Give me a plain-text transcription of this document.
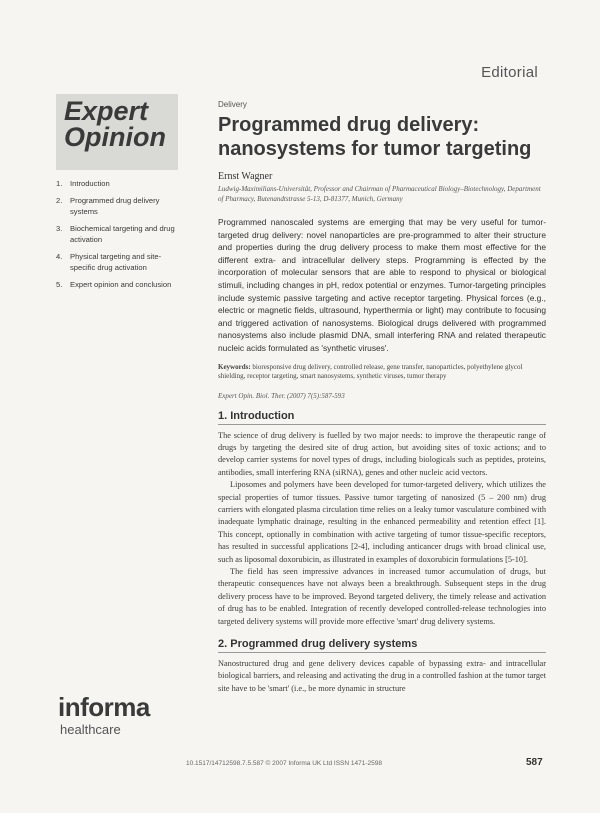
Editorial
Expert
Opinion
1.	Introduction
2.	Programmed drug delivery systems
3.	Biochemical targeting and drug activation
4.	Physical targeting and site-specific drug activation
5.	Expert opinion and conclusion
informa
healthcare
Delivery
Programmed drug delivery:
nanosystems for tumor targeting
Ernst Wagner
Ludwig-Maximilians-Universität, Professor and Chairman of Pharmaceutical Biology–Biotechnology, Department of Pharmacy, Butenandtstrasse 5-13, D-81377, Munich, Germany
Programmed nanoscaled systems are emerging that may be very useful for tumor-targeted drug delivery: novel nanoparticles are pre-programmed to alter their structure and properties during the drug delivery process to make them most effective for the different extra- and intracellular delivery steps. Programming is effected by the incorporation of molecular sensors that are able to respond to physical or biological stimuli, including changes in pH, redox potential or enzymes. Tumor-targeting principles include systemic passive targeting and active receptor targeting. Physical forces (e.g., electric or magnetic fields, ultrasound, hyperthermia or light) may contribute to focusing and triggered activation of nanosystems. Biological drugs delivered with programmed nanosystems also include plasmid DNA, small interfering RNA and related therapeutic nucleic acids formulated as 'synthetic viruses'.
Keywords: bioresponsive drug delivery, controlled release, gene transfer, nanoparticles, polyethylene glycol shielding, receptor targeting, smart nanosystems, synthetic viruses, tumor therapy
Expert Opin. Biol. Ther. (2007) 7(5):587-593
1. Introduction

The science of drug delivery is fuelled by two major needs: to improve the therapeutic range of drugs by targeting the desired site of drug action, but avoiding sites of toxic actions; and to develop carrier systems for novel types of drugs, including biologicals such as peptides, proteins, antibodies, small interfering RNA (siRNA), genes and other nucleic acid vectors.

Liposomes and polymers have been developed for tumor-targeted delivery, which utilizes the special properties of tumor tissues. Passive tumor targeting of nanosized (5 – 200 nm) drug carriers with elongated plasma circulation time relies on a leaky tumor vasculature combined with inadequate lymphatic drainage, resulting in the enhanced permeability and retention effect [1]. This concept, optionally in combination with active targeting of tumor tissue-specific receptors, has resulted in successful applications [2-4], including anticancer drugs with broad clinical use, such as liposomal doxorubicin, as illustrated in examples of doxorubicin formulations [5-10].

The field has seen impressive advances in increased tumor accumulation of drugs, but therapeutic consequences have not always been a breakthrough. Subsequent steps in the drug delivery process have to be improved. Beyond targeted delivery, the timely release and activation of drug has to be enabled. Integration of recently developed controlled-release technologies into targeted delivery systems will provide more effective 'smart' drug delivery systems.

2. Programmed drug delivery systems

Nanostructured drug and gene delivery devices capable of bypassing extra- and intracellular biological barriers, and releasing and activating the drug in a controlled fashion at the tumor target site have to be 'smart' (i.e., be more dynamic in structure

10.1517/14712598.7.5.587 © 2007 Informa UK Ltd ISSN 1471-2598	587
